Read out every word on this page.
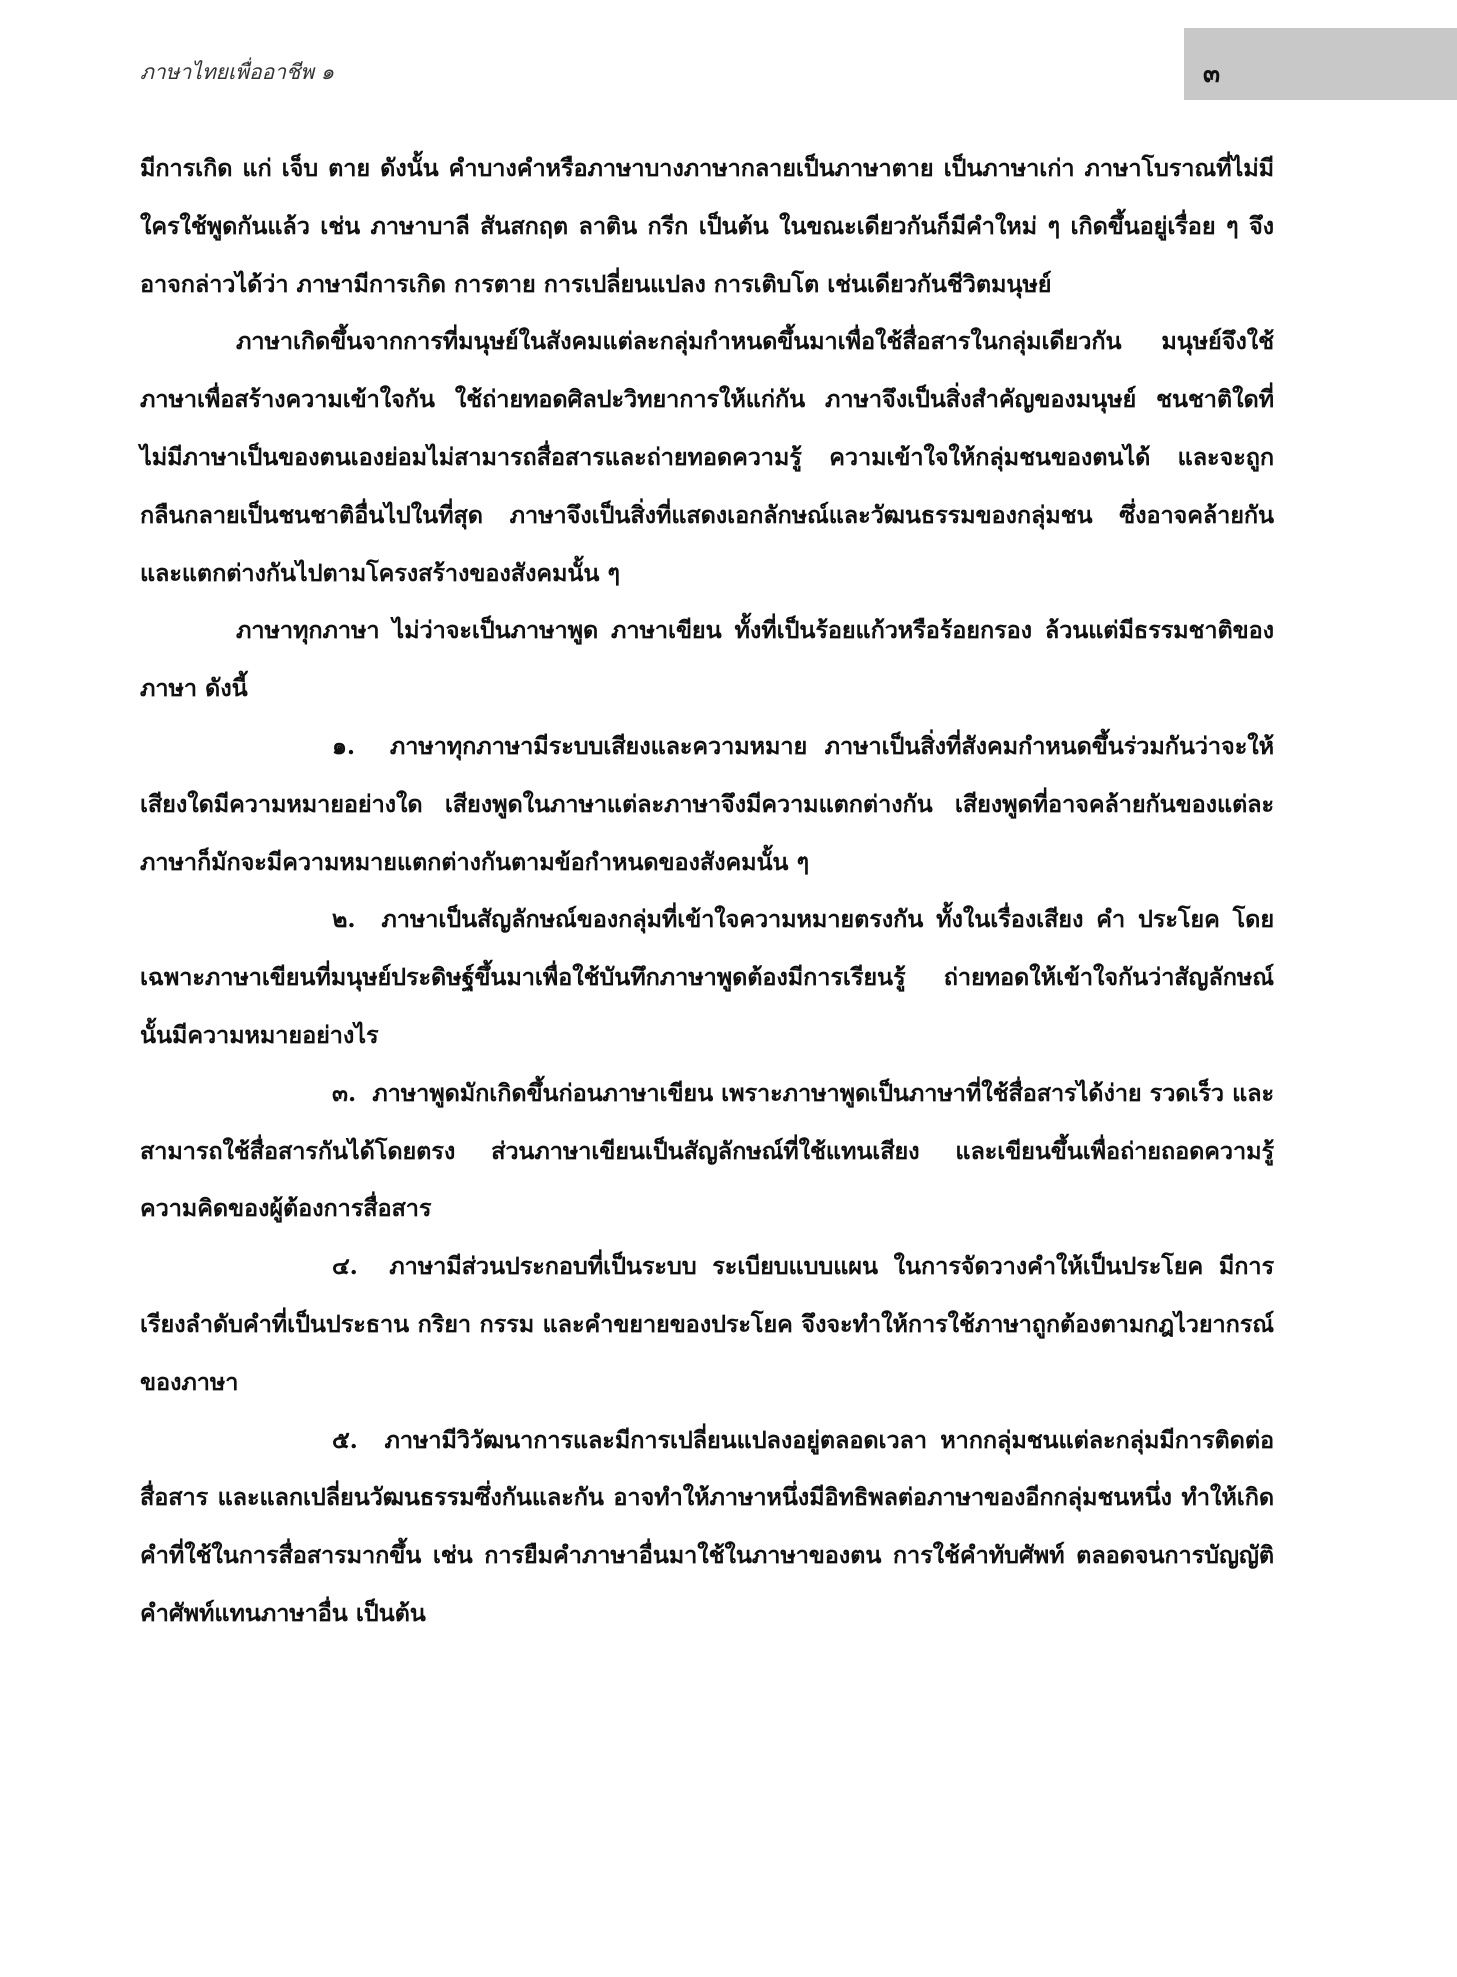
ภาษาไทยเพื่ออาชีพ ๑	๓

มีการเกิด แก่ เจ็บ ตาย ดังนั้น คำบางคำหรือภาษาบางภาษากลายเป็นภาษาตาย เป็นภาษาเก่า ภาษาโบราณที่ไม่มีใครใช้พูดกันแล้ว เช่น ภาษาบาลี สันสกฤต ลาติน กรีก เป็นต้น ในขณะเดียวกันก็มีคำใหม่ ๆ เกิดขึ้นอยู่เรื่อย ๆ จึงอาจกล่าวได้ว่า ภาษามีการเกิด การตาย การเปลี่ยนแปลง การเติบโต เช่นเดียวกันชีวิตมนุษย์

ภาษาเกิดขึ้นจากการที่มนุษย์ในสังคมแต่ละกลุ่มกำหนดขึ้นมาเพื่อใช้สื่อสารในกลุ่มเดียวกัน มนุษย์จึงใช้ภาษาเพื่อสร้างความเข้าใจกัน ใช้ถ่ายทอดศิลปะวิทยาการให้แก่กัน ภาษาจึงเป็นสิ่งสำคัญของมนุษย์ ชนชาติใดที่ไม่มีภาษาเป็นของตนเองย่อมไม่สามารถสื่อสารและถ่ายทอดความรู้ ความเข้าใจให้กลุ่มชนของตนได้ และจะถูกกลืนกลายเป็นชนชาติอื่นไปในที่สุด ภาษาจึงเป็นสิ่งที่แสดงเอกลักษณ์และวัฒนธรรมของกลุ่มชน ซึ่งอาจคล้ายกันและแตกต่างกันไปตามโครงสร้างของสังคมนั้น ๆ

ภาษาทุกภาษา ไม่ว่าจะเป็นภาษาพูด ภาษาเขียน ทั้งที่เป็นร้อยแก้วหรือร้อยกรอง ล้วนแต่มีธรรมชาติของภาษา ดังนี้

๑. ภาษาทุกภาษามีระบบเสียงและความหมาย ภาษาเป็นสิ่งที่สังคมกำหนดขึ้นร่วมกันว่าจะให้เสียงใดมีความหมายอย่างใด เสียงพูดในภาษาแต่ละภาษาจึงมีความแตกต่างกัน เสียงพูดที่อาจคล้ายกันของแต่ละภาษาก็มักจะมีความหมายแตกต่างกันตามข้อกำหนดของสังคมนั้น ๆ

๒. ภาษาเป็นสัญลักษณ์ของกลุ่มที่เข้าใจความหมายตรงกัน ทั้งในเรื่องเสียง คำ ประโยค โดยเฉพาะภาษาเขียนที่มนุษย์ประดิษฐ์ขึ้นมาเพื่อใช้บันทึกภาษาพูดต้องมีการเรียนรู้ ถ่ายทอดให้เข้าใจกันว่าสัญลักษณ์นั้นมีความหมายอย่างไร

๓. ภาษาพูดมักเกิดขึ้นก่อนภาษาเขียน เพราะภาษาพูดเป็นภาษาที่ใช้สื่อสารได้ง่าย รวดเร็ว และสามารถใช้สื่อสารกันได้โดยตรง ส่วนภาษาเขียนเป็นสัญลักษณ์ที่ใช้แทนเสียง และเขียนขึ้นเพื่อถ่ายถอดความรู้ความคิดของผู้ต้องการสื่อสาร

๔. ภาษามีส่วนประกอบที่เป็นระบบ ระเบียบแบบแผน ในการจัดวางคำให้เป็นประโยค มีการเรียงลำดับคำที่เป็นประธาน กริยา กรรม และคำขยายของประโยค จึงจะทำให้การใช้ภาษาถูกต้องตามกฎไวยากรณ์ของภาษา

๕. ภาษามีวิวัฒนาการและมีการเปลี่ยนแปลงอยู่ตลอดเวลา หากกลุ่มชนแต่ละกลุ่มมีการติดต่อสื่อสาร และแลกเปลี่ยนวัฒนธรรมซึ่งกันและกัน อาจทำให้ภาษาหนึ่งมีอิทธิพลต่อภาษาของอีกกลุ่มชนหนึ่ง ทำให้เกิดคำที่ใช้ในการสื่อสารมากขึ้น เช่น การยืมคำภาษาอื่นมาใช้ในภาษาของตน การใช้คำทับศัพท์ ตลอดจนการบัญญัติคำศัพท์แทนภาษาอื่น เป็นต้น
